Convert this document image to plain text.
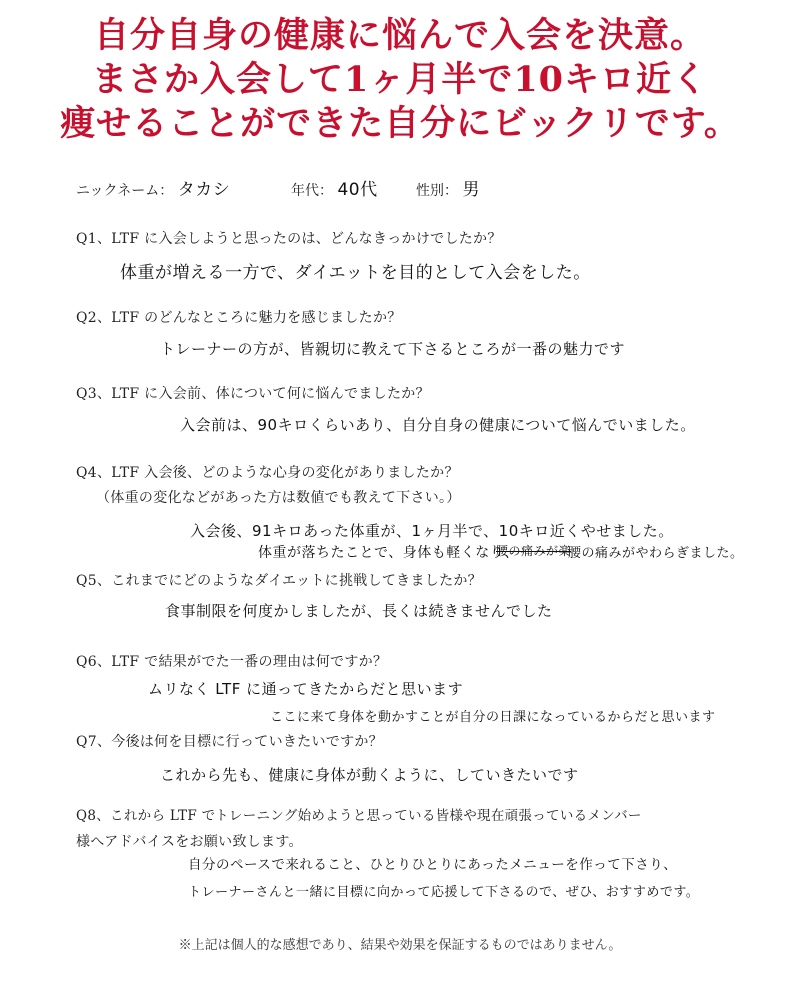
自分自身の健康に悩んで入会を決意。
まさか入会して1ヶ月半で10キロ近く
痩せることができた自分にビックリです。
ニックネーム： タカシ	年代： 40代	性別： 男
Q1、LTF に入会しようと思ったのは、どんなきっかけでしたか？
体重が増える一方で、ダイエットを目的として入会をした。
Q2、LTF のどんなところに魅力を感じましたか？
トレーナーの方が、皆親切に教えて下さるところが一番の魅力です
Q3、LTF に入会前、体について何に悩んでましたか？
入会前は、90キロくらいあり、自分自身の健康について悩んでいました。
Q4、LTF 入会後、どのような心身の変化がありましたか？
（体重の変化などがあった方は数値でも教えて下さい。）
入会後、91キロあった体重が、1ヶ月半で、10キロ近くやせました。
体重が落ちたことで、身体も軽くなり、
腰の痛みが楽
腰の痛みがやわらぎました。
Q5、これまでにどのようなダイエットに挑戦してきましたか？
食事制限を何度かしましたが、長くは続きませんでした
Q6、LTF で結果がでた一番の理由は何ですか？
ムリなく LTF に通ってきたからだと思います
ここに来て身体を動かすことが自分の日課になっているからだと思います
Q7、今後は何を目標に行っていきたいですか？
これから先も、健康に身体が動くように、していきたいです
Q8、これから LTF でトレーニング始めようと思っている皆様や現在頑張っているメンバー
様へアドバイスをお願い致します。
自分のペースで来れること、ひとりひとりにあったメニューを作って下さり、
トレーナーさんと一緒に目標に向かって応援して下さるので、ぜひ、おすすめです。
※上記は個人的な感想であり、結果や効果を保証するものではありません。
